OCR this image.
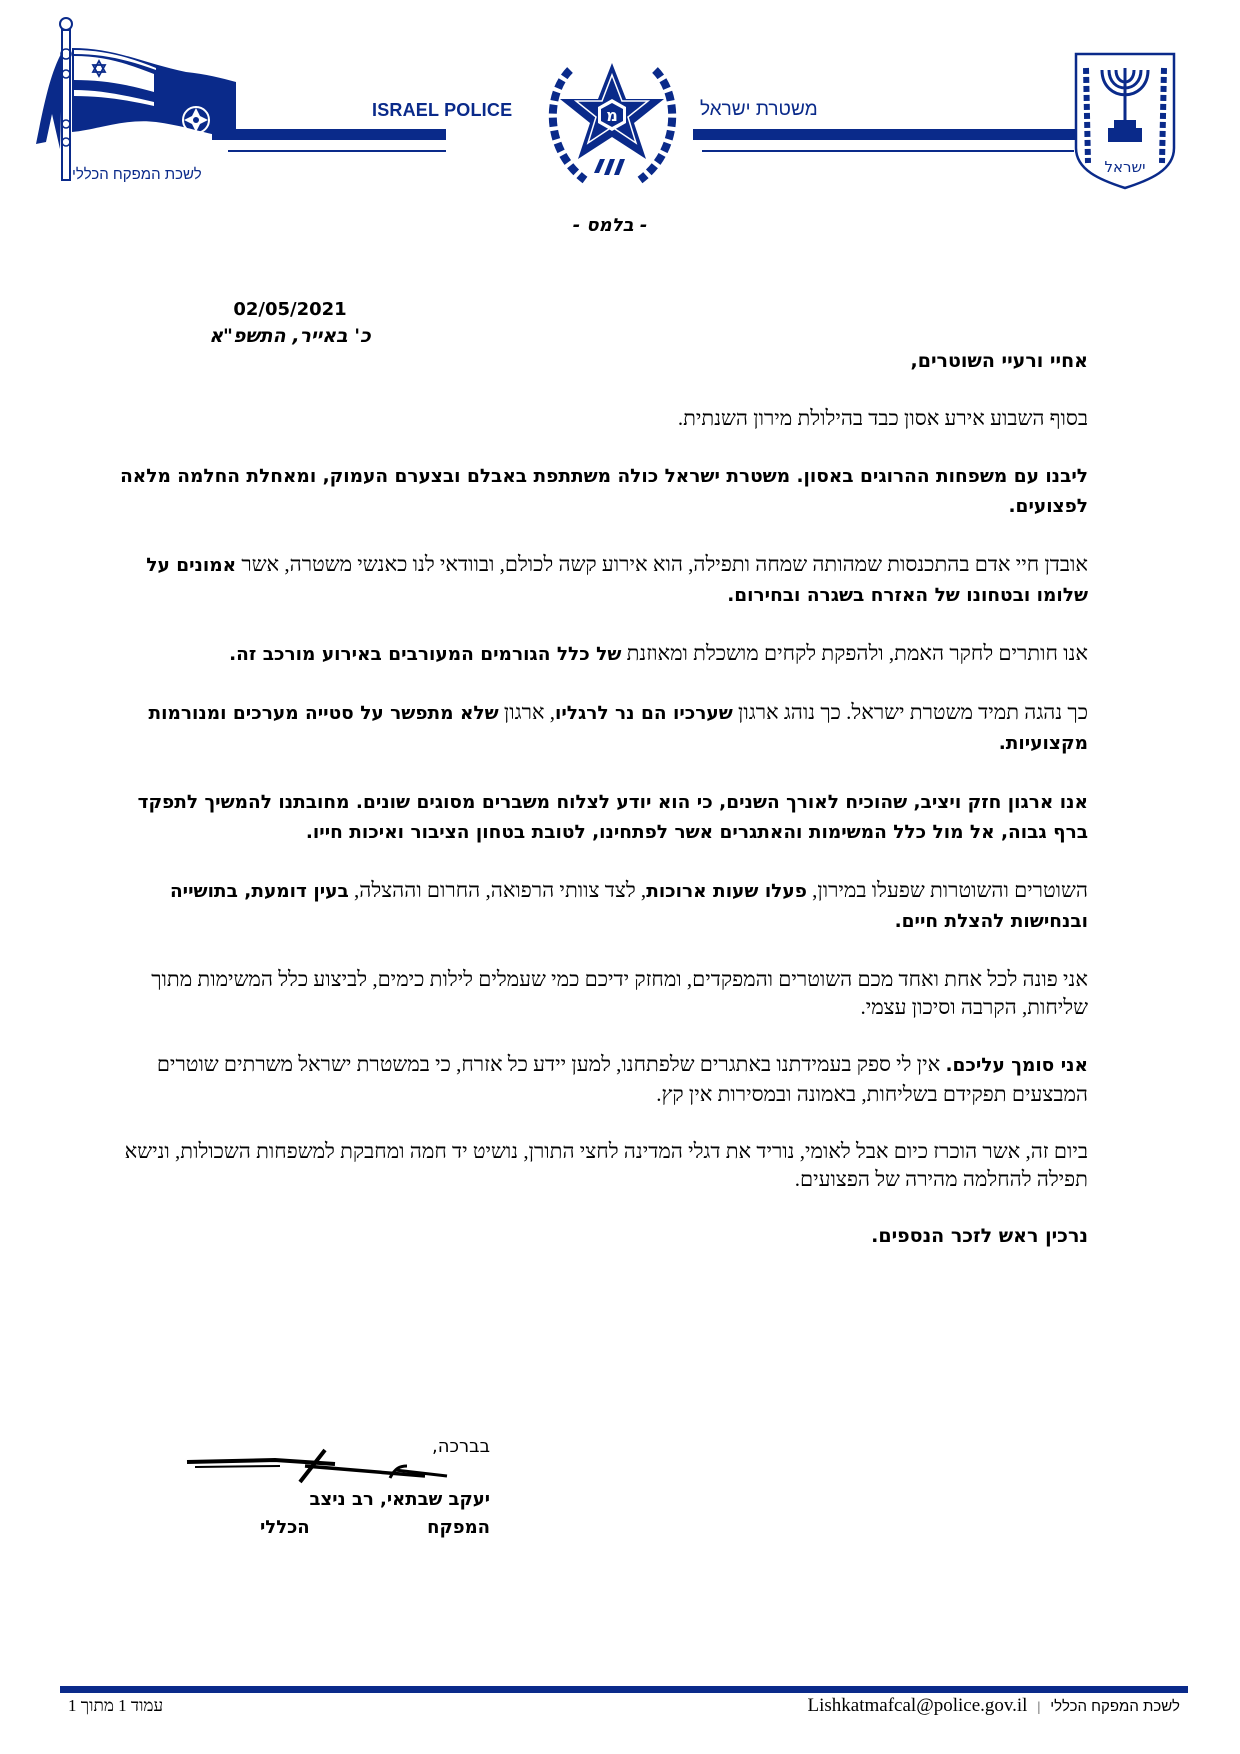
לשכת המפקח הכללי
ISRAEL POLICE	מ	משטרת ישראל
ישראל
- בלמס -
02/05/2021
כ' באייר, התשפ"א

אחיי ורעיי השוטרים,

בסוף השבוע אירע אסון כבד בהילולת מירון השנתית.

ליבנו עם משפחות ההרוגים באסון. משטרת ישראל כולה משתתפת באבלם ובצערם העמוק, ומאחלת החלמה מלאה לפצועים.

אובדן חיי אדם בהתכנסות שמהותה שמחה ותפילה, הוא אירוע קשה לכולם, ובוודאי לנו כאנשי משטרה, אשר אמונים על שלומו ובטחונו של האזרח בשגרה ובחירום.

אנו חותרים לחקר האמת, ולהפקת לקחים מושכלת ומאוזנת של כלל הגורמים המעורבים באירוע מורכב זה.

כך נהגה תמיד משטרת ישראל. כך נוהג ארגון שערכיו הם נר לרגליו, ארגון שלא מתפשר על סטייה מערכים ומנורמות מקצועיות.

אנו ארגון חזק ויציב, שהוכיח לאורך השנים, כי הוא יודע לצלוח משברים מסוגים שונים. מחובתנו להמשיך לתפקד ברף גבוה, אל מול כלל המשימות והאתגרים אשר לפתחינו, לטובת בטחון הציבור ואיכות חייו.

השוטרים והשוטרות שפעלו במירון, פעלו שעות ארוכות, לצד צוותי הרפואה, החרום וההצלה, בעין דומעת, בתושייה ובנחישות להצלת חיים.

אני פונה לכל אחת ואחד מכם השוטרים והמפקדים, ומחזק ידיכם כמי שעמלים לילות כימים, לביצוע כלל המשימות מתוך שליחות, הקרבה וסיכון עצמי.

אני סומך עליכם. אין לי ספק בעמידתנו באתגרים שלפתחנו, למען יידע כל אזרח, כי במשטרת ישראל משרתים שוטרים המבצעים תפקידם בשליחות, באמונה ובמסירות אין קץ.

ביום זה, אשר הוכרז כיום אבל לאומי, נוריד את דגלי המדינה לחצי התורן, נושיט יד חמה ומחבקת למשפחות השכולות, ונישא תפילה להחלמה מהירה של הפצועים.

נרכין ראש לזכר הנספים.

בברכה,
יעקב שבתאי, רב ניצב
המפקח
הכללי
עמוד 1 מתוך 1	לשכת המפקח הכללי
|
Lishkatmafcal@police.gov.il
